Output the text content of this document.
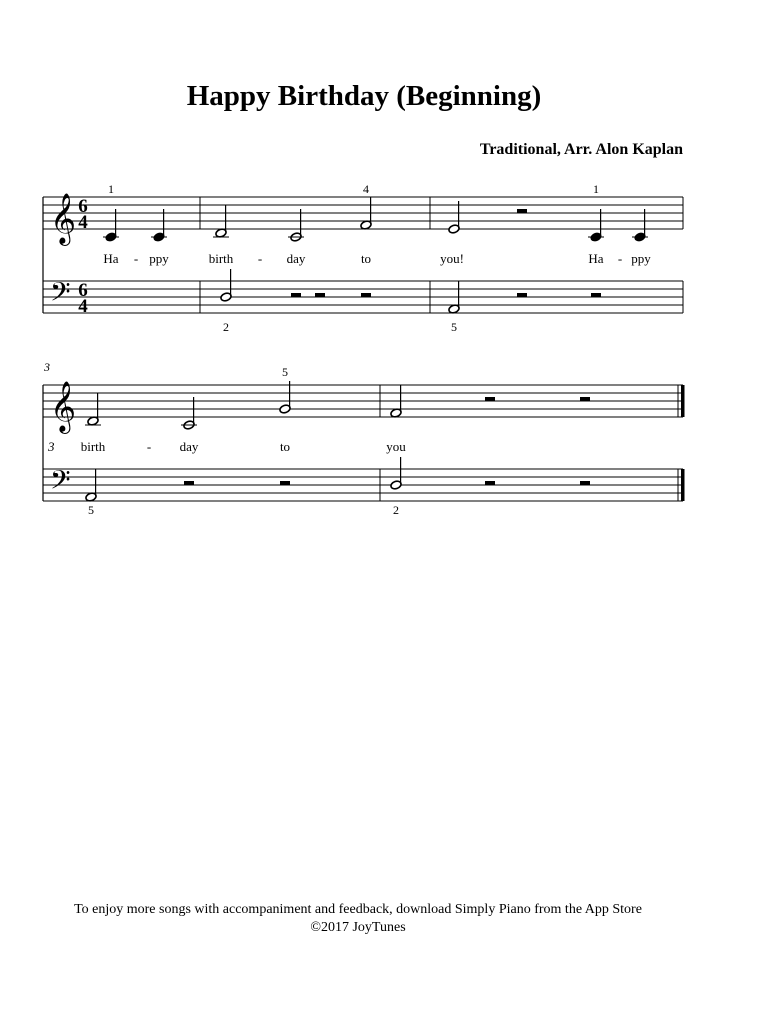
Happy Birthday (Beginning)
Traditional, Arr. Alon Kaplan
𝄞
𝄢
6
4
6
4
1	4
2
1
5
Ha - ppy	birth - day	to	you!	Ha - ppy
𝄞
𝄢
3	5
5	2
3 birth	- day	to	you
To enjoy more songs with accompaniment and feedback, download Simply Piano from the App Store
©2017 JoyTunes
